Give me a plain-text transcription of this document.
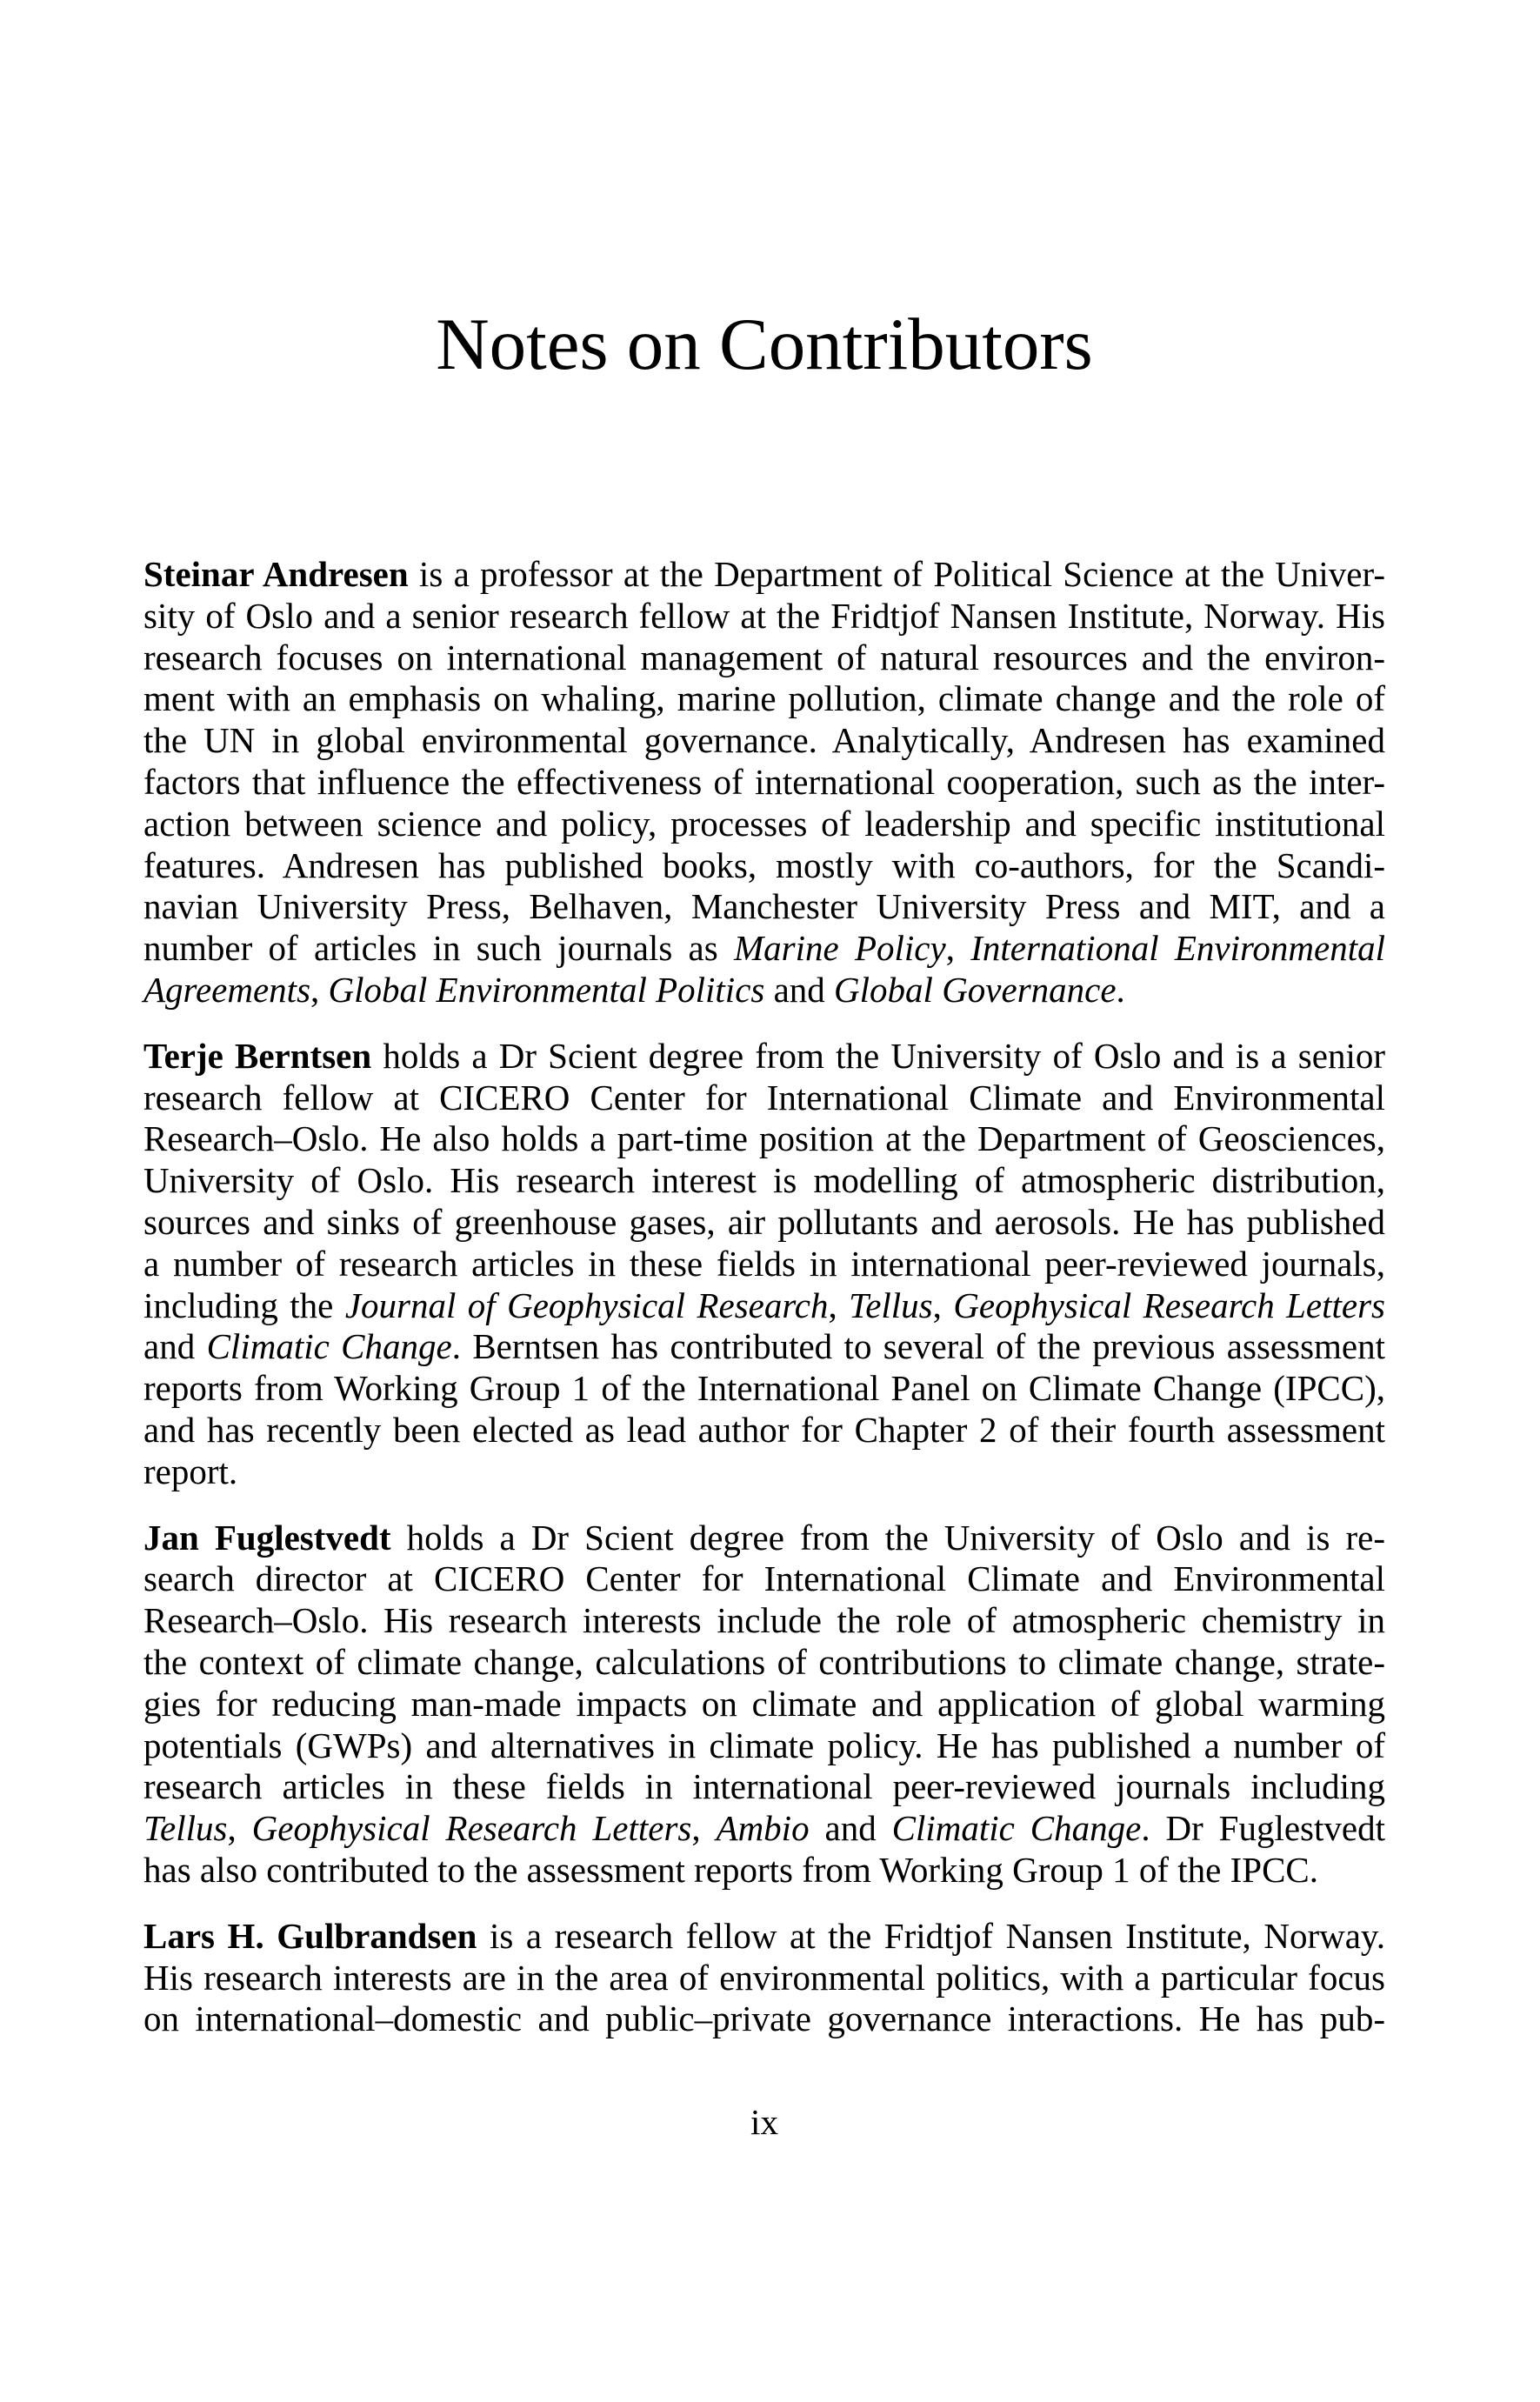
Notes on Contributors
Steinar Andresen is a professor at the Department of Political Science at the Univer-
sity of Oslo and a senior research fellow at the Fridtjof Nansen Institute, Norway. His
research focuses on international management of natural resources and the environ-
ment with an emphasis on whaling, marine pollution, climate change and the role of
the UN in global environmental governance. Analytically, Andresen has examined
factors that influence the effectiveness of international cooperation, such as the inter-
action between science and policy, processes of leadership and specific institutional
features. Andresen has published books, mostly with co-authors, for the Scandi-
navian University Press, Belhaven, Manchester University Press and MIT, and a
number of articles in such journals as Marine Policy, International Environmental
Agreements, Global Environmental Politics and Global Governance.
Terje Berntsen holds a Dr Scient degree from the University of Oslo and is a senior
research fellow at CICERO Center for International Climate and Environmental
Research–Oslo. He also holds a part-time position at the Department of Geosciences,
University of Oslo. His research interest is modelling of atmospheric distribution,
sources and sinks of greenhouse gases, air pollutants and aerosols. He has published
a number of research articles in these fields in international peer-reviewed journals,
including the Journal of Geophysical Research, Tellus, Geophysical Research Letters
and Climatic Change. Berntsen has contributed to several of the previous assessment
reports from Working Group 1 of the International Panel on Climate Change (IPCC),
and has recently been elected as lead author for Chapter 2 of their fourth assessment
report.
Jan Fuglestvedt holds a Dr Scient degree from the University of Oslo and is re-
search director at CICERO Center for International Climate and Environmental
Research–Oslo. His research interests include the role of atmospheric chemistry in
the context of climate change, calculations of contributions to climate change, strate-
gies for reducing man-made impacts on climate and application of global warming
potentials (GWPs) and alternatives in climate policy. He has published a number of
research articles in these fields in international peer-reviewed journals including
Tellus, Geophysical Research Letters, Ambio and Climatic Change. Dr Fuglestvedt
has also contributed to the assessment reports from Working Group 1 of the IPCC.
Lars H. Gulbrandsen is a research fellow at the Fridtjof Nansen Institute, Norway.
His research interests are in the area of environmental politics, with a particular focus
on international–domestic and public–private governance interactions. He has pub-
ix
